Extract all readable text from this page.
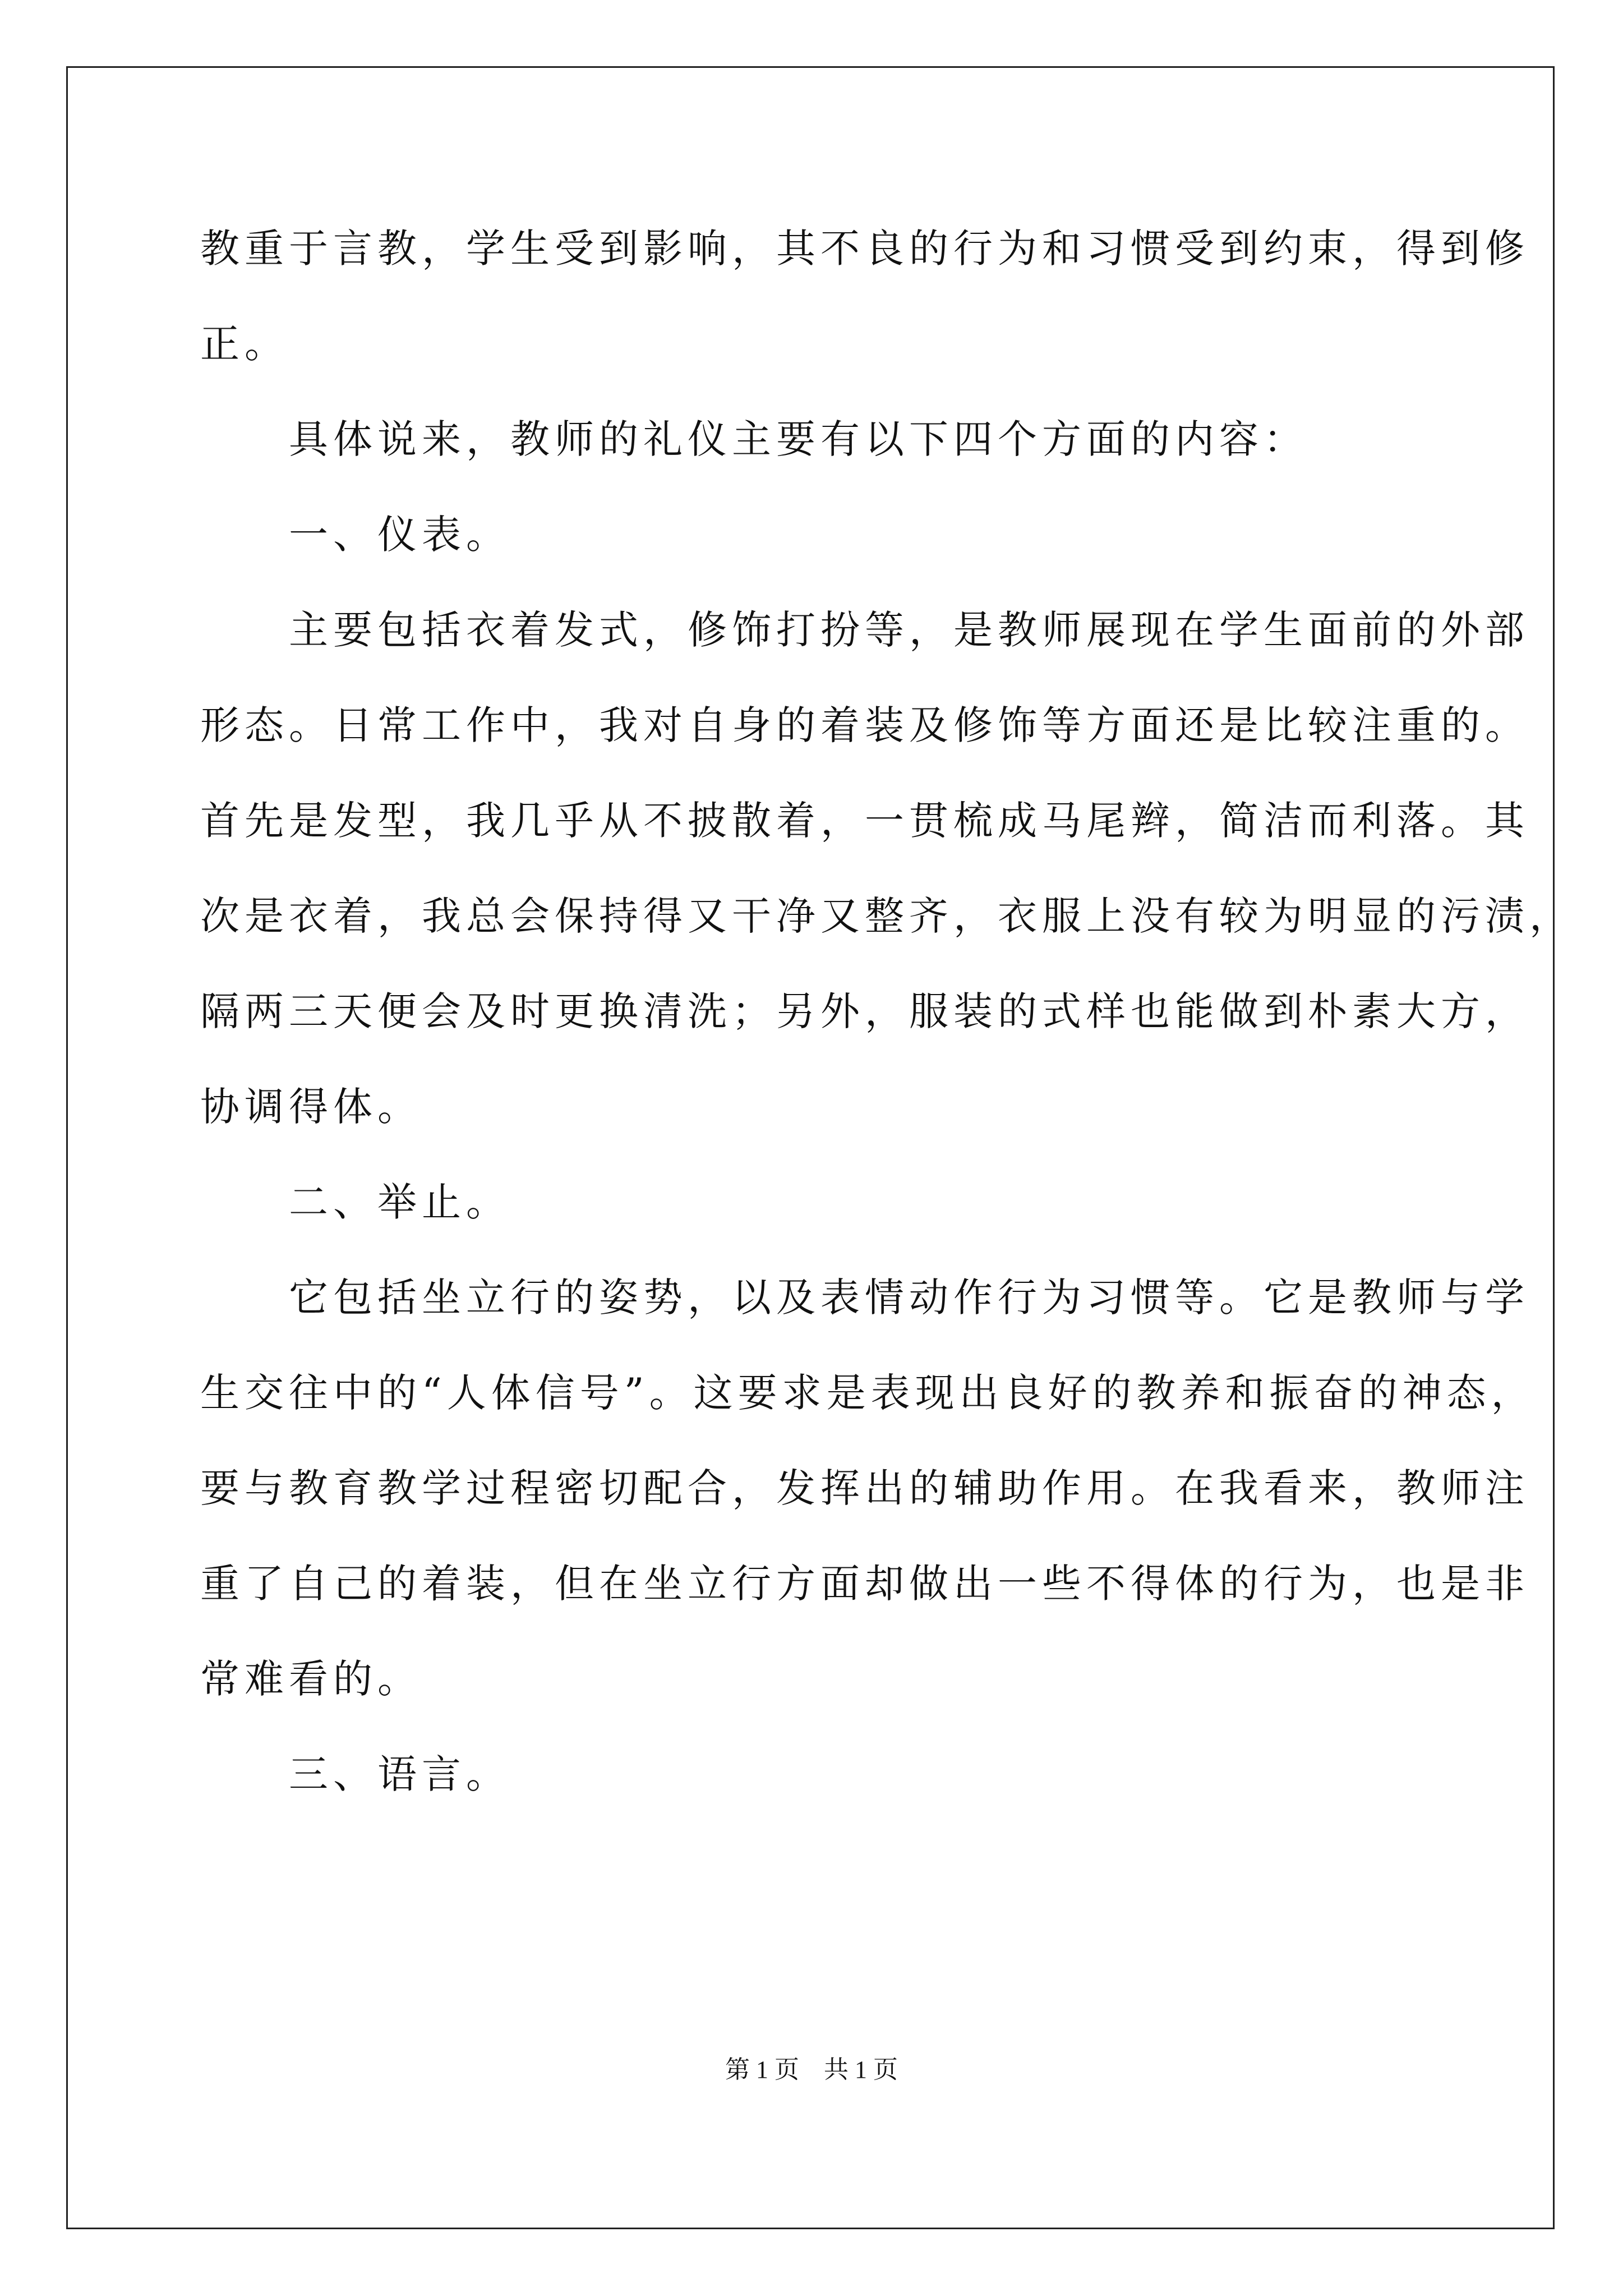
教重于言教，学生受到影响，其不良的行为和习惯受到约束，得到修
正。
　　具体说来，教师的礼仪主要有以下四个方面的内容：
　　一、仪表。
　　主要包括衣着发式，修饰打扮等，是教师展现在学生面前的外部
形态。日常工作中，我对自身的着装及修饰等方面还是比较注重的。
首先是发型，我几乎从不披散着，一贯梳成马尾辫，简洁而利落。其
次是衣着，我总会保持得又干净又整齐，衣服上没有较为明显的污渍，
隔两三天便会及时更换清洗；另外，服装的式样也能做到朴素大方，
协调得体。
　　二、举止。
　　它包括坐立行的姿势，以及表情动作行为习惯等。它是教师与学
生交往中的“人体信号”。这要求是表现出良好的教养和振奋的神态，
要与教育教学过程密切配合，发挥出的辅助作用。在我看来，教师注
重了自己的着装，但在坐立行方面却做出一些不得体的行为，也是非
常难看的。
　　三、语言。
第 1 页　共 1 页
